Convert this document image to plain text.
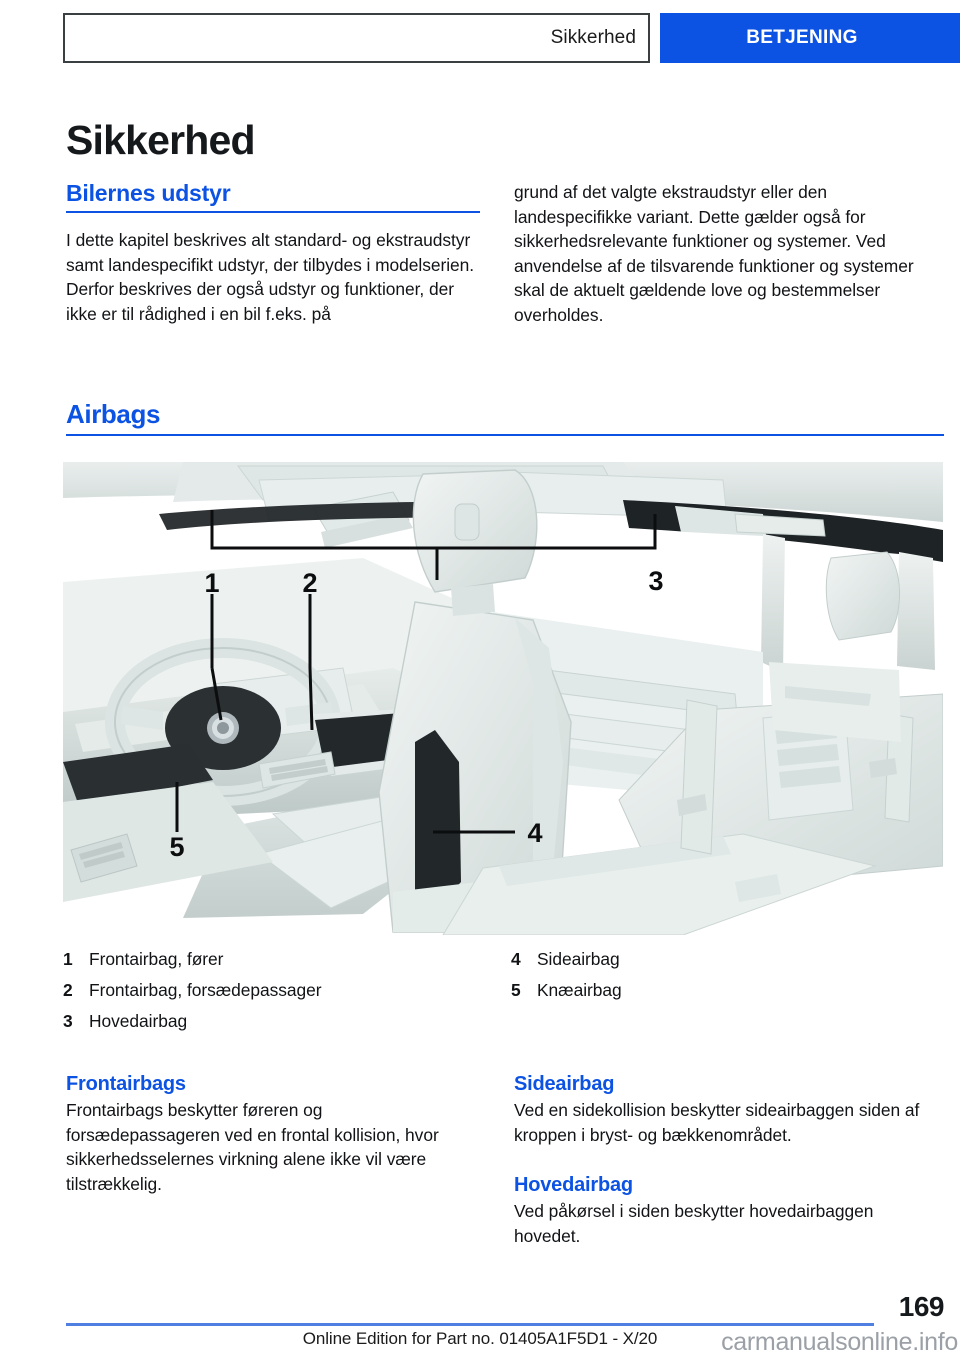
Sikkerhed	BETJENING
Sikkerhed
Bilernes udstyr

I dette kapitel beskrives alt standard- og ekstraudstyr samt landespecifikt udstyr, der tilbydes i modelserien. Derfor beskrives der også udstyr og funktioner, der ikke er til rådighed i en bil f.eks. på

grund af det valgte ekstraudstyr eller den landespecifikke variant. Dette gælder også for sikkerhedsrelevante funktioner og systemer. Ved anvendelse af de tilsvarende funktioner og systemer skal de aktuelt gældende love og bestemmelser overholdes.

Airbags
1	2	3
4
5
1 Frontairbag, fører
2 Frontairbag, forsædepassager
3 Hovedairbag
4 Sideairbag
5 Knæairbag
Frontairbags

Frontairbags beskytter føreren og forsædepassageren ved en frontal kollision, hvor sikkerhedsselernes virkning alene ikke vil være tilstrækkelig.

Sideairbag

Ved en sidekollision beskytter sideairbaggen siden af kroppen i bryst- og bækkenområdet.

Hovedairbag

Ved påkørsel i siden beskytter hovedairbaggen hovedet.

169
Online Edition for Part no. 01405A1F5D1 - X/20	carmanualsonline.info
